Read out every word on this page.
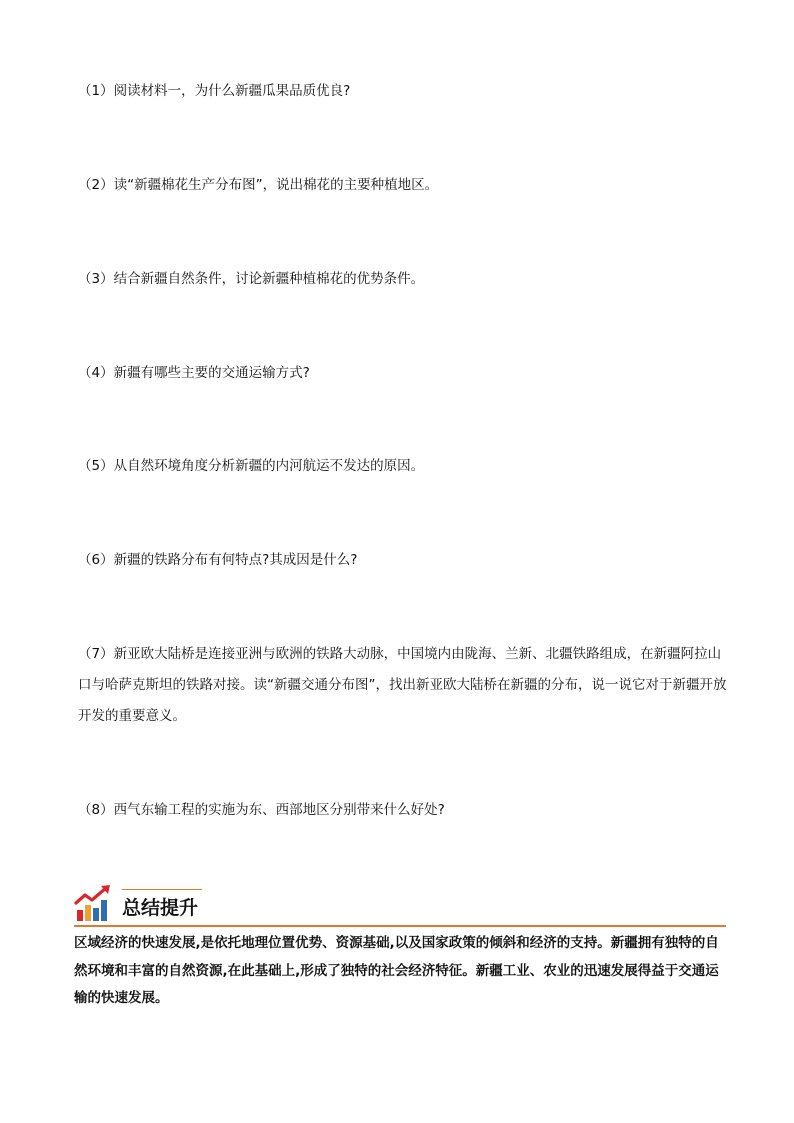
（1）阅读材料一，为什么新疆瓜果品质优良?

（2）读“新疆棉花生产分布图”，说出棉花的主要种植地区。

（3）结合新疆自然条件，讨论新疆种植棉花的优势条件。

（4）新疆有哪些主要的交通运输方式?

（5）从自然环境角度分析新疆的内河航运不发达的原因。

（6）新疆的铁路分布有何特点?其成因是什么?

（7）新亚欧大陆桥是连接亚洲与欧洲的铁路大动脉，中国境内由陇海、兰新、北疆铁路组成，在新疆阿拉山口与哈萨克斯坦的铁路对接。读“新疆交通分布图”，找出新亚欧大陆桥在新疆的分布，说一说它对于新疆开放开发的重要意义。

（8）西气东输工程的实施为东、西部地区分别带来什么好处?

总结提升

区域经济的快速发展,是依托地理位置优势、资源基础,以及国家政策的倾斜和经济的支持。新疆拥有独特的自然环境和丰富的自然资源,在此基础上,形成了独特的社会经济特征。新疆工业、农业的迅速发展得益于交通运输的快速发展。
